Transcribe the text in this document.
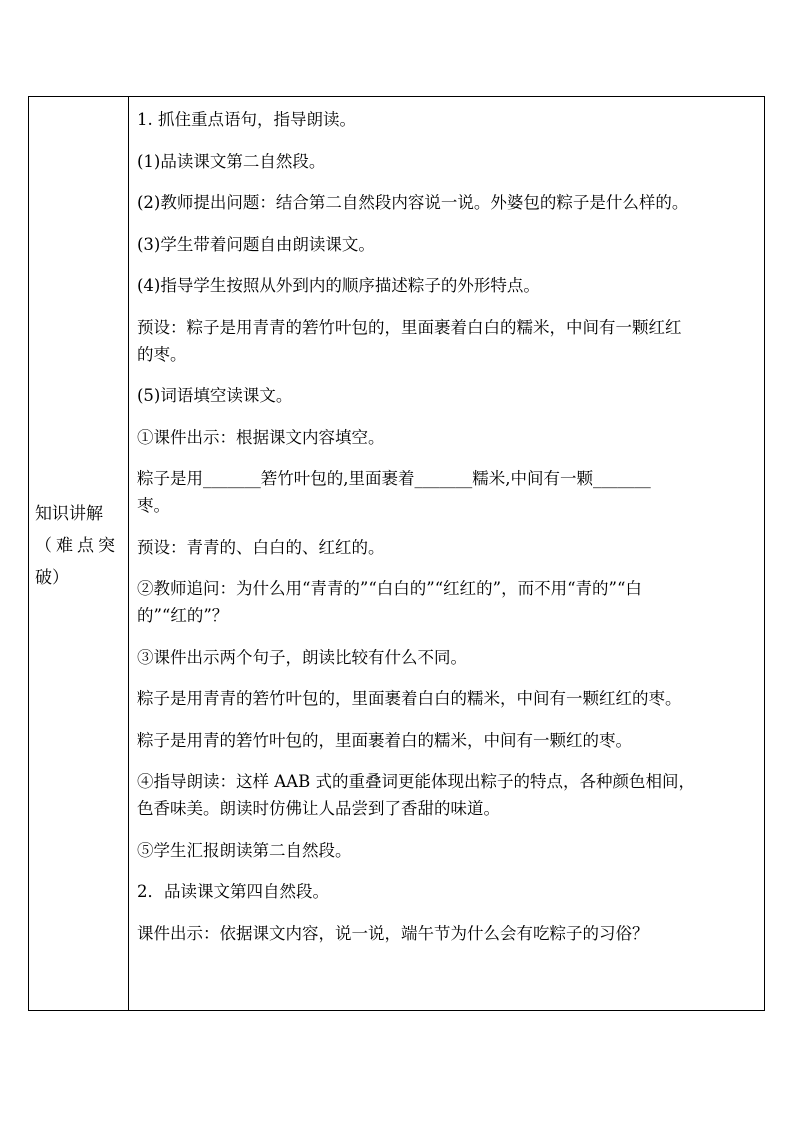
知识讲解
（难点突
破）

1. 抓住重点语句，指导朗读。

(1)品读课文第二自然段。

(2)教师提出问题：结合第二自然段内容说一说。外婆包的粽子是什么样的。

(3)学生带着问题自由朗读课文。

(4)指导学生按照从外到内的顺序描述粽子的外形特点。

预设：粽子是用青青的箬竹叶包的，里面裹着白白的糯米，中间有一颗红红
的枣。

(5)词语填空读课文。

①课件出示：根据课文内容填空。

粽子是用_______箬竹叶包的,里面裹着_______糯米,中间有一颗_______
枣。

预设：青青的、白白的、红红的。

②教师追问：为什么用“青青的”“白白的”“红红的”，而不用“青的”“白
的”“红的”？

③课件出示两个句子，朗读比较有什么不同。

粽子是用青青的箬竹叶包的，里面裹着白白的糯米，中间有一颗红红的枣。

粽子是用青的箬竹叶包的，里面裹着白的糯米，中间有一颗红的枣。

④指导朗读：这样 AAB 式的重叠词更能体现出粽子的特点，各种颜色相间，
色香味美。朗读时仿佛让人品尝到了香甜的味道。

⑤学生汇报朗读第二自然段。

2．品读课文第四自然段。

课件出示：依据课文内容，说一说，端午节为什么会有吃粽子的习俗？
